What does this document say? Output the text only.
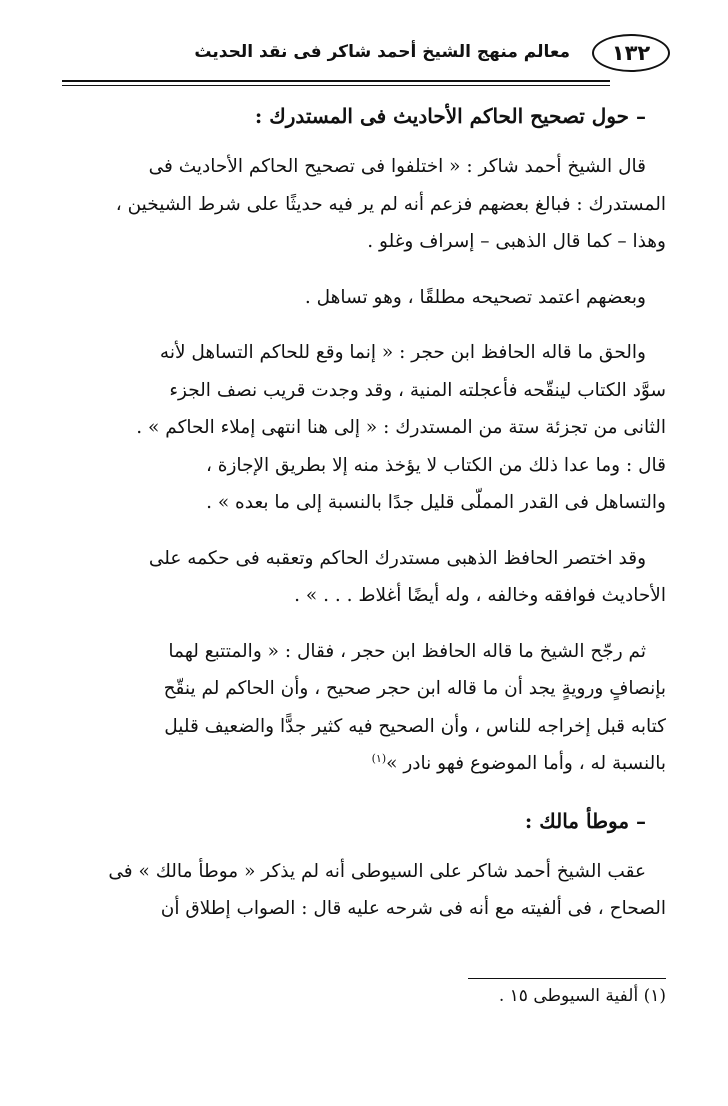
١٣٢
معالم منهج الشيخ أحمد شاكر فى نقد الحديث
– حول تصحيح الحاكم الأحاديث فى المستدرك :
قال الشيخ أحمد شاكر : « اختلفوا فى تصحيح الحاكم الأحاديث فى
المستدرك : فبالغ بعضهم فزعم أنه لم ير فيه حديثًا على شرط الشيخين ،
وهذا – كما قال الذهبى – إسراف وغلو .
وبعضهم اعتمد تصحيحه مطلقًا ، وهو تساهل .
والحق ما قاله الحافظ ابن حجر : « إنما وقع للحاكم التساهل لأنه
سوَّد الكتاب لينقّحه فأعجلته المنية ، وقد وجدت قريب نصف الجزء
الثانى من تجزئة ستة من المستدرك : « إلى هنا انتهى إملاء الحاكم » .
قال : وما عدا ذلك من الكتاب لا يؤخذ منه إلا بطريق الإجازة ،
والتساهل فى القدر المملّى قليل جدًا بالنسبة إلى ما بعده » .
وقد اختصر الحافظ الذهبى مستدرك الحاكم وتعقبه فى حكمه على
الأحاديث فوافقه وخالفه ، وله أيضًا أغلاط . . . » .
ثم رجّح الشيخ ما قاله الحافظ ابن حجر ، فقال : « والمتتبع لهما
بإنصافٍ ورويةٍ يجد أن ما قاله ابن حجر صحيح ، وأن الحاكم لم ينقّح
كتابه قبل إخراجه للناس ، وأن الصحيح فيه كثير جدًّا والضعيف قليل
بالنسبة له ، وأما الموضوع فهو نادر »$^{(١)}$
– موطأ مالك :
عقب الشيخ أحمد شاكر على السيوطى أنه لم يذكر « موطأ مالك » فى
الصحاح ، فى ألفيته مع أنه فى شرحه عليه قال : الصواب إطلاق أن
(١) ألفية السيوطى ١٥ .
